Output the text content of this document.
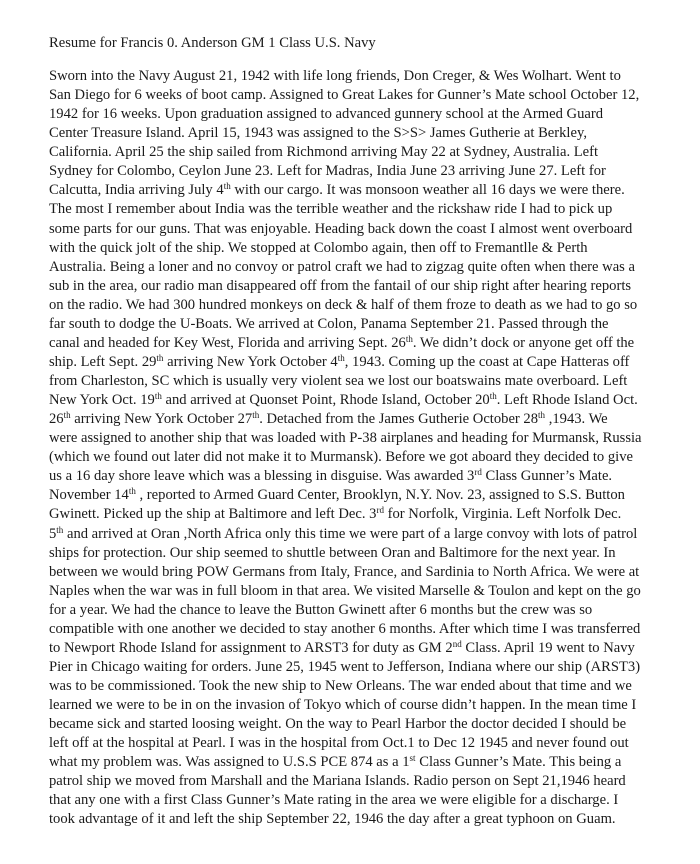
Resume for Francis 0. Anderson GM 1 Class U.S. Navy
Sworn into the Navy August 21, 1942 with life long friends, Don Creger, & Wes Wolhart. Went to
San Diego for 6 weeks of boot camp. Assigned to Great Lakes for Gunner’s Mate school October 12,
1942 for 16 weeks. Upon graduation assigned to advanced gunnery school at the Armed Guard
Center Treasure Island. April 15, 1943 was assigned to the S>S> James Gutherie at Berkley,
California. April 25 the ship sailed from Richmond arriving May 22 at Sydney, Australia. Left
Sydney for Colombo, Ceylon June 23. Left for Madras, India June 23 arriving June 27. Left for
Calcutta, India arriving July 4th with our cargo. It was monsoon weather all 16 days we were there.
The most I remember about India was the terrible weather and the rickshaw ride I had to pick up
some parts for our guns. That was enjoyable. Heading back down the coast I almost went overboard
with the quick jolt of the ship. We stopped at Colombo again, then off to Fremantlle & Perth
Australia. Being a loner and no convoy or patrol craft we had to zigzag quite often when there was a
sub in the area, our radio man disappeared off from the fantail of our ship right after hearing reports
on the radio. We had 300 hundred monkeys on deck & half of them froze to death as we had to go so
far south to dodge the U-Boats. We arrived at Colon, Panama September 21. Passed through the
canal and headed for Key West, Florida and arriving Sept. 26th. We didn’t dock or anyone get off the
ship. Left Sept. 29th arriving New York October 4th, 1943. Coming up the coast at Cape Hatteras off
from Charleston, SC which is usually very violent sea we lost our boatswains mate overboard. Left
New York Oct. 19th and arrived at Quonset Point, Rhode Island, October 20th. Left Rhode Island Oct.
26th arriving New York October 27th. Detached from the James Gutherie October 28th ,1943. We
were assigned to another ship that was loaded with P-38 airplanes and heading for Murmansk, Russia
(which we found out later did not make it to Murmansk). Before we got aboard they decided to give
us a 16 day shore leave which was a blessing in disguise. Was awarded 3rd Class Gunner’s Mate.
November 14th , reported to Armed Guard Center, Brooklyn, N.Y. Nov. 23, assigned to S.S. Button
Gwinett. Picked up the ship at Baltimore and left Dec. 3rd for Norfolk, Virginia. Left Norfolk Dec.
5th and arrived at Oran ,North Africa only this time we were part of a large convoy with lots of patrol
ships for protection. Our ship seemed to shuttle between Oran and Baltimore for the next year. In
between we would bring POW Germans from Italy, France, and Sardinia to North Africa. We were at
Naples when the war was in full bloom in that area. We visited Marselle & Toulon and kept on the go
for a year. We had the chance to leave the Button Gwinett after 6 months but the crew was so
compatible with one another we decided to stay another 6 months. After which time I was transferred
to Newport Rhode Island for assignment to ARST3 for duty as GM 2nd Class. April 19 went to Navy
Pier in Chicago waiting for orders. June 25, 1945 went to Jefferson, Indiana where our ship (ARST3)
was to be commissioned. Took the new ship to New Orleans. The war ended about that time and we
learned we were to be in on the invasion of Tokyo which of course didn’t happen. In the mean time I
became sick and started loosing weight. On the way to Pearl Harbor the doctor decided I should be
left off at the hospital at Pearl. I was in the hospital from Oct.1 to Dec 12 1945 and never found out
what my problem was. Was assigned to U.S.S PCE 874 as a 1st Class Gunner’s Mate. This being a
patrol ship we moved from Marshall and the Mariana Islands. Radio person on Sept 21,1946 heard
that any one with a first Class Gunner’s Mate rating in the area we were eligible for a discharge. I
took advantage of it and left the ship September 22, 1946 the day after a great typhoon on Guam.
